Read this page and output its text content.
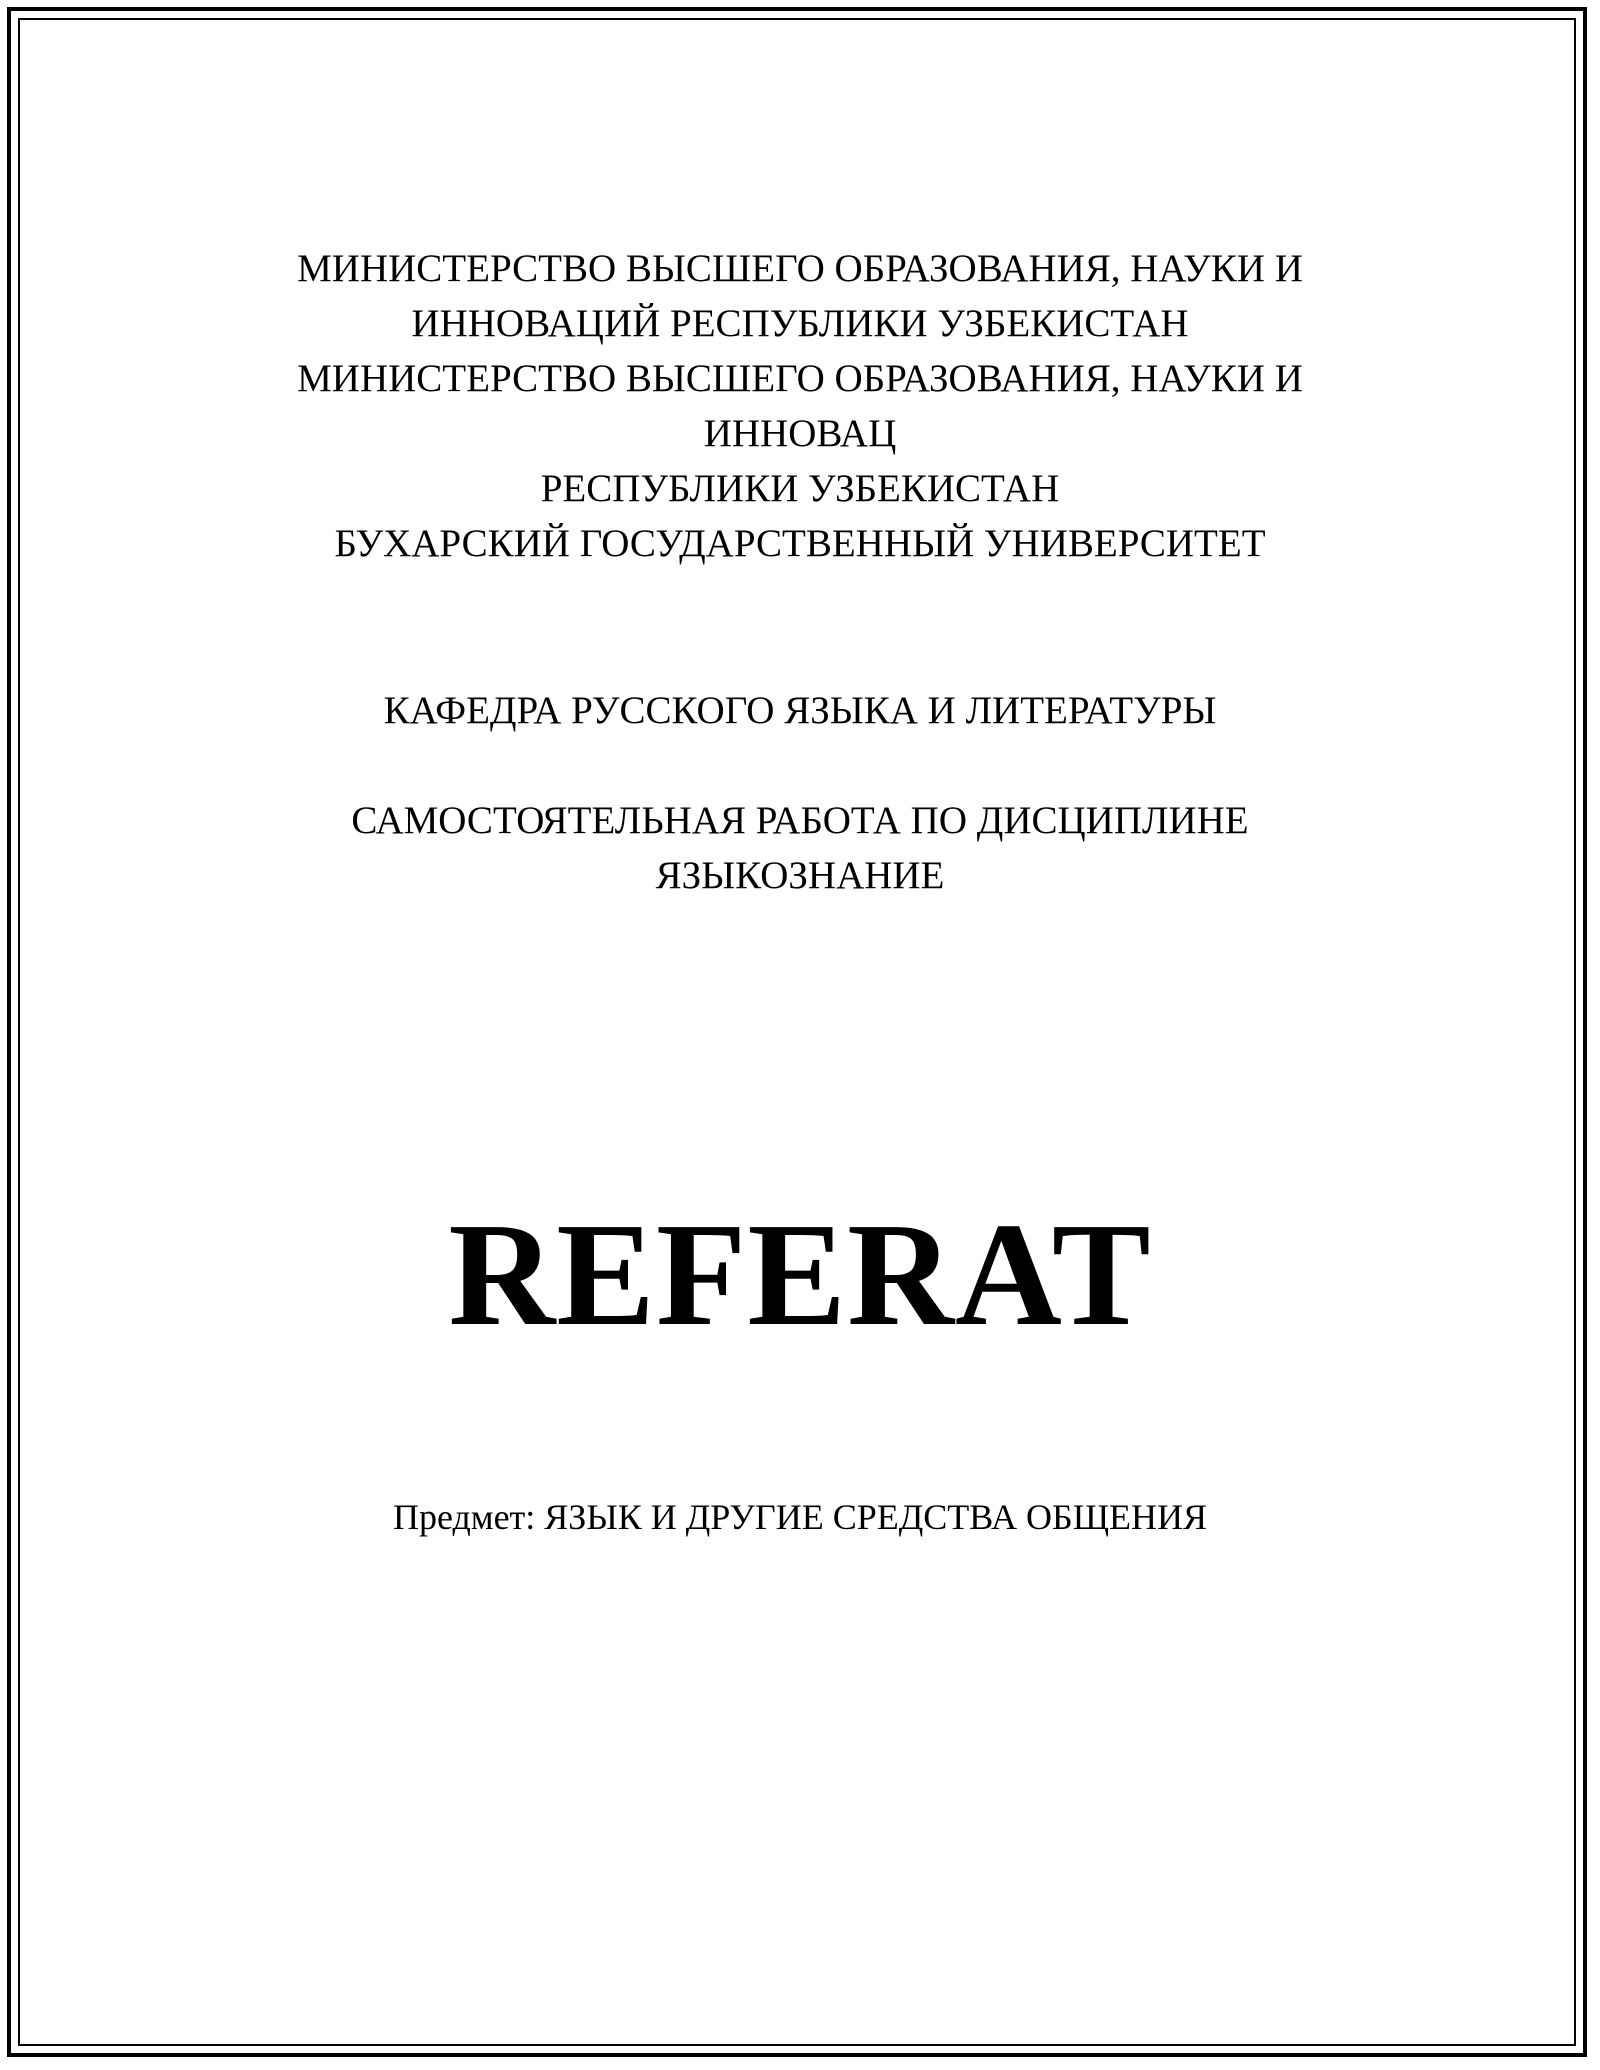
МИНИСТЕРСТВО ВЫСШЕГО ОБРАЗОВАНИЯ, НАУКИ И
ИННОВАЦИЙ РЕСПУБЛИКИ УЗБЕКИСТАН
МИНИСТЕРСТВО ВЫСШЕГО ОБРАЗОВАНИЯ, НАУКИ И
ИННОВАЦ
РЕСПУБЛИКИ УЗБЕКИСТАН
БУХАРСКИЙ ГОСУДАРСТВЕННЫЙ УНИВЕРСИТЕТ
КАФЕДРА РУССКОГО ЯЗЫКА И ЛИТЕРАТУРЫ
САМОСТОЯТЕЛЬНАЯ РАБОТА ПО ДИСЦИПЛИНЕ
ЯЗЫКОЗНАНИЕ
REFERAT
Предмет: ЯЗЫК И ДРУГИЕ СРЕДСТВА ОБЩЕНИЯ
